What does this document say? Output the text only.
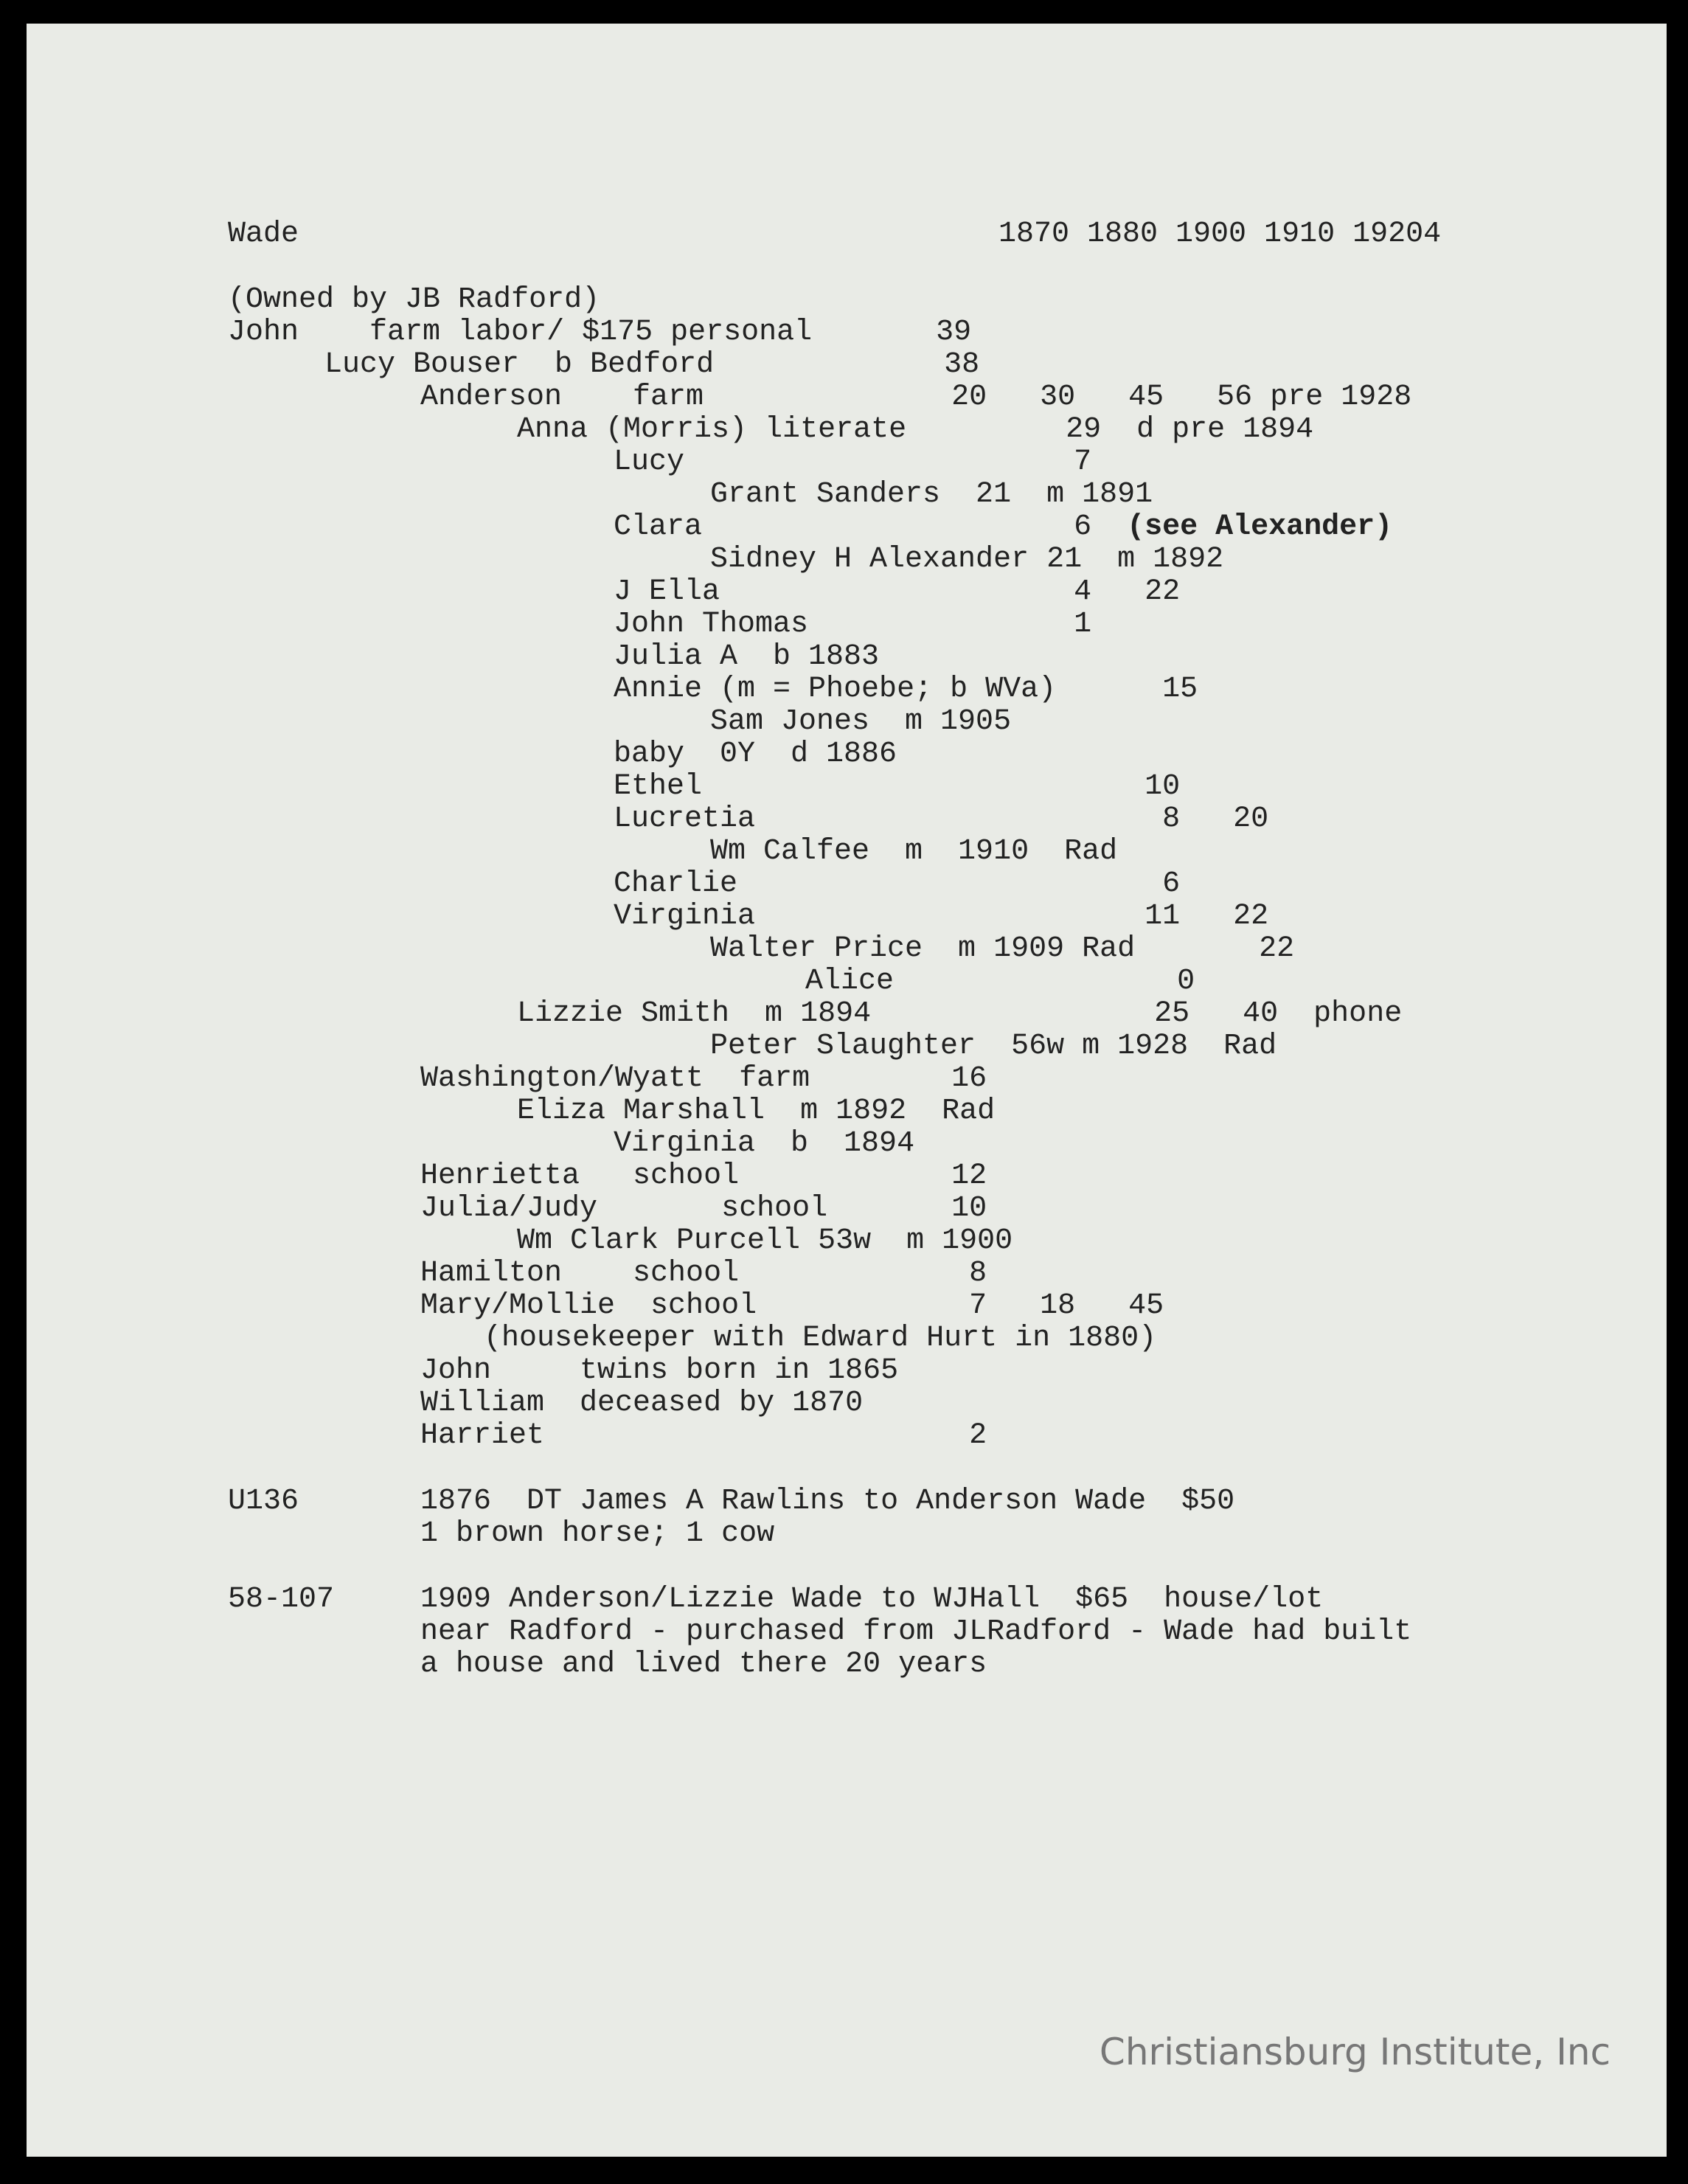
Wade	1870 1880 1900 1910 19204
(Owned by JB Radford)
John    farm labor/ $175 personal       39
Lucy Bouser  b Bedford             38
Anderson    farm              20   30   45   56 pre 1928
Anna (Morris) literate         29  d pre 1894
Lucy                      7
Grant Sanders  21  m 1891
Clara                     6  (see Alexander)
Sidney H Alexander 21  m 1892
J Ella                    4   22
John Thomas               1
Julia A  b 1883
Annie (m = Phoebe; b WVa)      15
Sam Jones  m 1905
baby  0Y  d 1886
Ethel                         10
Lucretia                       8   20
Wm Calfee  m  1910  Rad
Charlie                        6
Virginia                      11   22
Walter Price  m 1909 Rad       22
Alice                0
Lizzie Smith  m 1894                25   40  phone
Peter Slaughter  56w m 1928  Rad
Washington/Wyatt  farm        16
Eliza Marshall  m 1892  Rad
Virginia  b  1894
Henrietta   school            12
Julia/Judy       school       10
Wm Clark Purcell 53w  m 1900
Hamilton    school             8
Mary/Mollie  school            7   18   45
(housekeeper with Edward Hurt in 1880)
John     twins born in 1865
William  deceased by 1870
Harriet                        2
U136	1876  DT James A Rawlins to Anderson Wade  $50
1 brown horse; 1 cow
58-107	1909 Anderson/Lizzie Wade to WJHall  $65  house/lot
near Radford - purchased from JLRadford - Wade had built
a house and lived there 20 years
Christiansburg Institute, Inc
